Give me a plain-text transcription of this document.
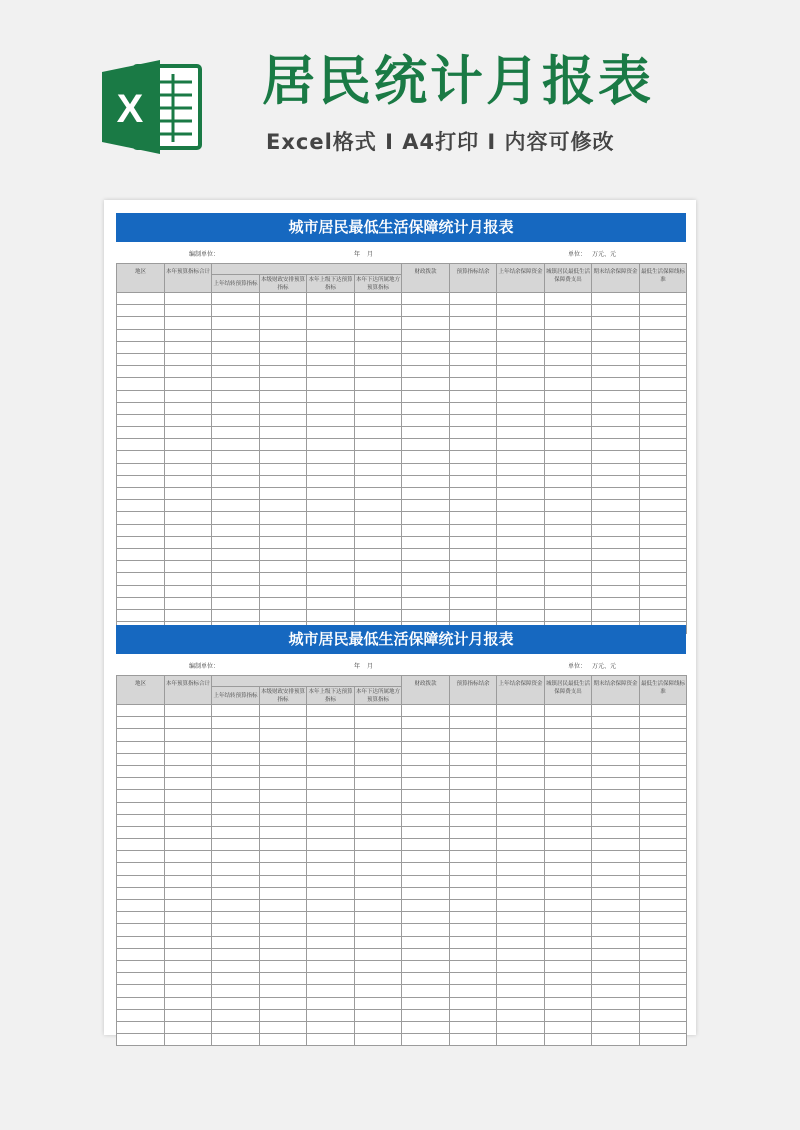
X 居民统计月报表
Excel格式 I A4打印 I 内容可修改
城市居民最低生活保障统计月报表
编制单位：	年 月	单位： 万元、元
地区	本年预算指标合计					财政拨款	预算指标结余	上年结余保障资金	城镇居民最低生活保障费支出	期末结余保障资金	最低生活保障线标准
		上年结转预算指标	本级财政安排预算指标	本年上级下达预算指标	本年下达所属地方预算指标						

城市居民最低生活保障统计月报表
编制单位：	年 月	单位： 万元、元
地区	本年预算指标合计					财政拨款	预算指标结余	上年结余保障资金	城镇居民最低生活保障费支出	期末结余保障资金	最低生活保障线标准
		上年结转预算指标	本级财政安排预算指标	本年上级下达预算指标	本年下达所属地方预算指标						
